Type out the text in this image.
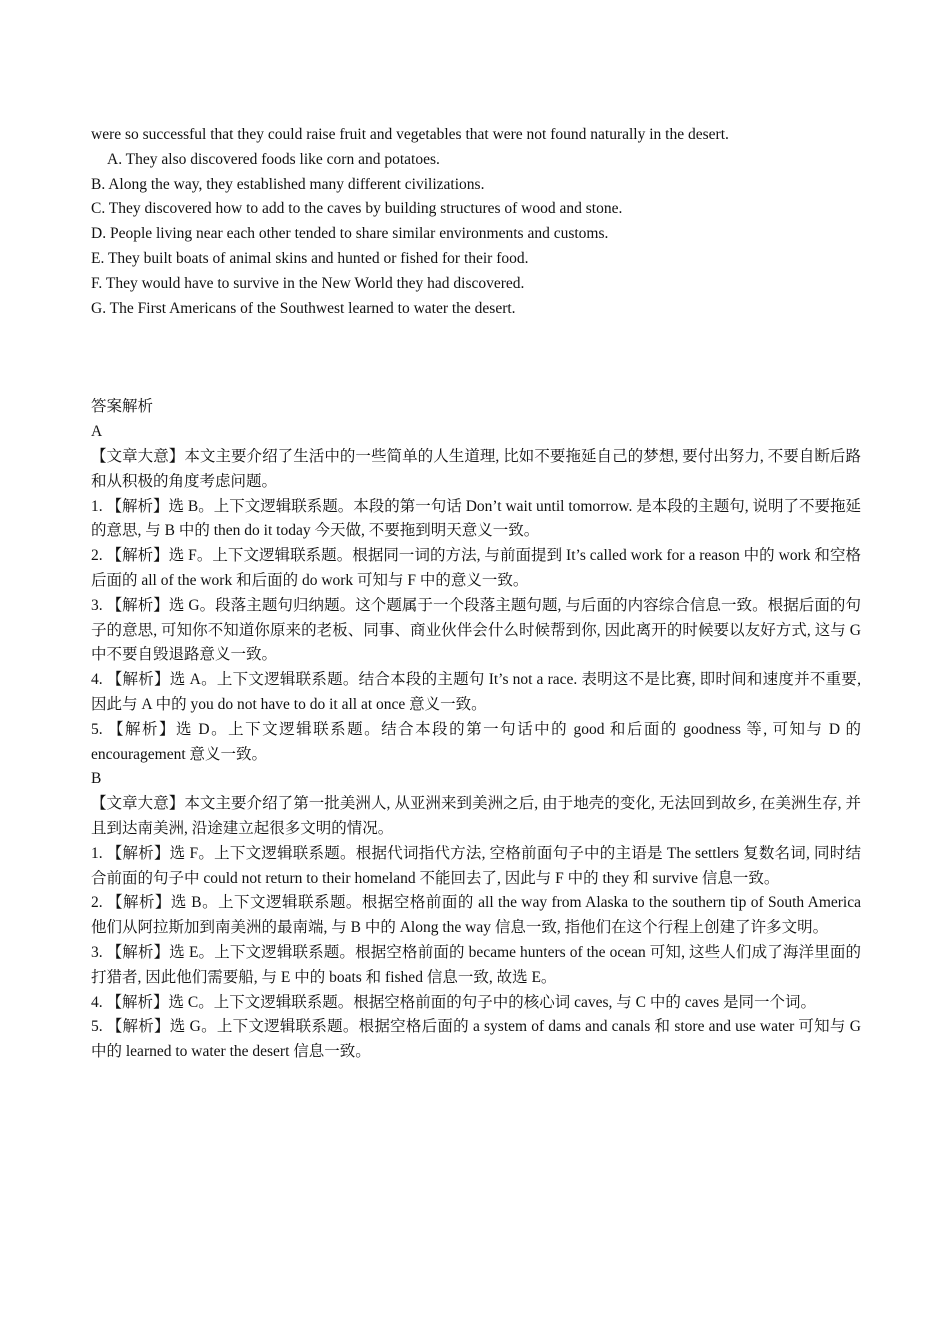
were so successful that they could raise fruit and vegetables that were not found naturally in the desert.

A. They also discovered foods like corn and potatoes.

B. Along the way, they established many different civilizations.

C. They discovered how to add to the caves by building structures of wood and stone.

D. People living near each other tended to share similar environments and customs.

E. They built boats of animal skins and hunted or fished for their food.

F. They would have to survive in the New World they had discovered.

G. The First Americans of the Southwest learned to water the desert.

答案解析

A

【文章大意】本文主要介绍了生活中的一些简单的人生道理, 比如不要拖延自己的梦想, 要付出努力, 不要自断后路和从积极的角度考虑问题。

1. 【解析】选 B。上下文逻辑联系题。本段的第一句话 Don’t wait until tomorrow. 是本段的主题句, 说明了不要拖延的意思, 与 B 中的 then do it today 今天做, 不要拖到明天意义一致。

2. 【解析】选 F。上下文逻辑联系题。根据同一词的方法, 与前面提到 It’s called work for a reason 中的 work 和空格后面的 all of the work 和后面的 do work 可知与 F 中的意义一致。

3. 【解析】选 G。段落主题句归纳题。这个题属于一个段落主题句题, 与后面的内容综合信息一致。根据后面的句子的意思, 可知你不知道你原来的老板、同事、商业伙伴会什么时候帮到你, 因此离开的时候要以友好方式, 这与 G 中不要自毁退路意义一致。

4. 【解析】选 A。上下文逻辑联系题。结合本段的主题句 It’s not a race. 表明这不是比赛, 即时间和速度并不重要, 因此与 A 中的 you do not have to do it all at once 意义一致。

5. 【解析】选 D。上下文逻辑联系题。结合本段的第一句话中的 good 和后面的 goodness 等, 可知与 D 的 encouragement 意义一致。

B

【文章大意】本文主要介绍了第一批美洲人, 从亚洲来到美洲之后, 由于地壳的变化, 无法回到故乡, 在美洲生存, 并且到达南美洲, 沿途建立起很多文明的情况。

1. 【解析】选 F。上下文逻辑联系题。根据代词指代方法, 空格前面句子中的主语是 The settlers 复数名词, 同时结合前面的句子中 could not return to their homeland 不能回去了, 因此与 F 中的 they 和 survive 信息一致。

2. 【解析】选 B。上下文逻辑联系题。根据空格前面的 all the way from Alaska to the southern tip of South America 他们从阿拉斯加到南美洲的最南端, 与 B 中的 Along the way 信息一致, 指他们在这个行程上创建了许多文明。

3. 【解析】选 E。上下文逻辑联系题。根据空格前面的 became hunters of the ocean 可知, 这些人们成了海洋里面的打猎者, 因此他们需要船, 与 E 中的 boats 和 fished 信息一致, 故选 E。

4. 【解析】选 C。上下文逻辑联系题。根据空格前面的句子中的核心词 caves, 与 C 中的 caves 是同一个词。

5. 【解析】选 G。上下文逻辑联系题。根据空格后面的 a system of dams and canals 和 store and use water 可知与 G 中的 learned to water the desert 信息一致。
